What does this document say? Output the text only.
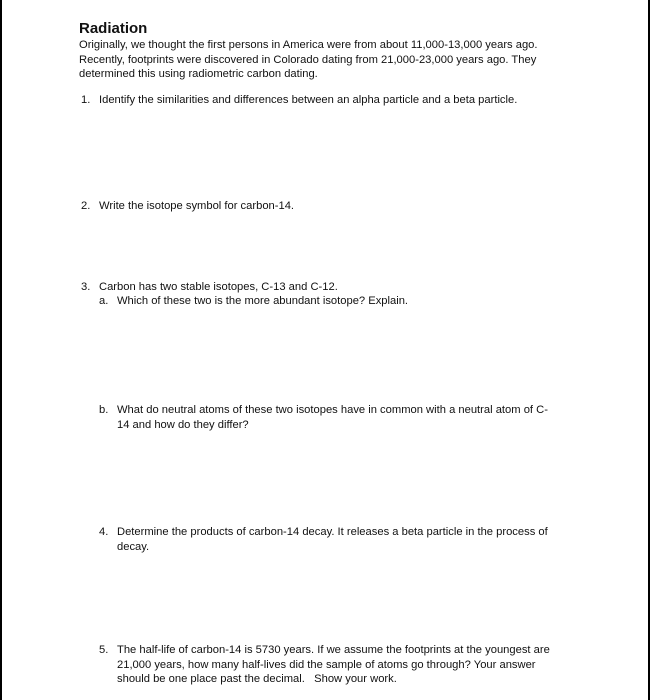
Radiation
Originally, we thought the first persons in America were from about 11,000-13,000 years ago. Recently, footprints were discovered in Colorado dating from 21,000-23,000 years ago. They determined this using radiometric carbon dating.
1. Identify the similarities and differences between an alpha particle and a beta particle.
2. Write the isotope symbol for carbon-14.
3. Carbon has two stable isotopes, C-13 and C-12.
a. Which of these two is the more abundant isotope? Explain.
b. What do neutral atoms of these two isotopes have in common with a neutral atom of C-14 and how do they differ?
4. Determine the products of carbon-14 decay. It releases a beta particle in the process of decay.
5. The half-life of carbon-14 is 5730 years. If we assume the footprints at the youngest are 21,000 years, how many half-lives did the sample of atoms go through? Your answer should be one place past the decimal.   Show your work.
